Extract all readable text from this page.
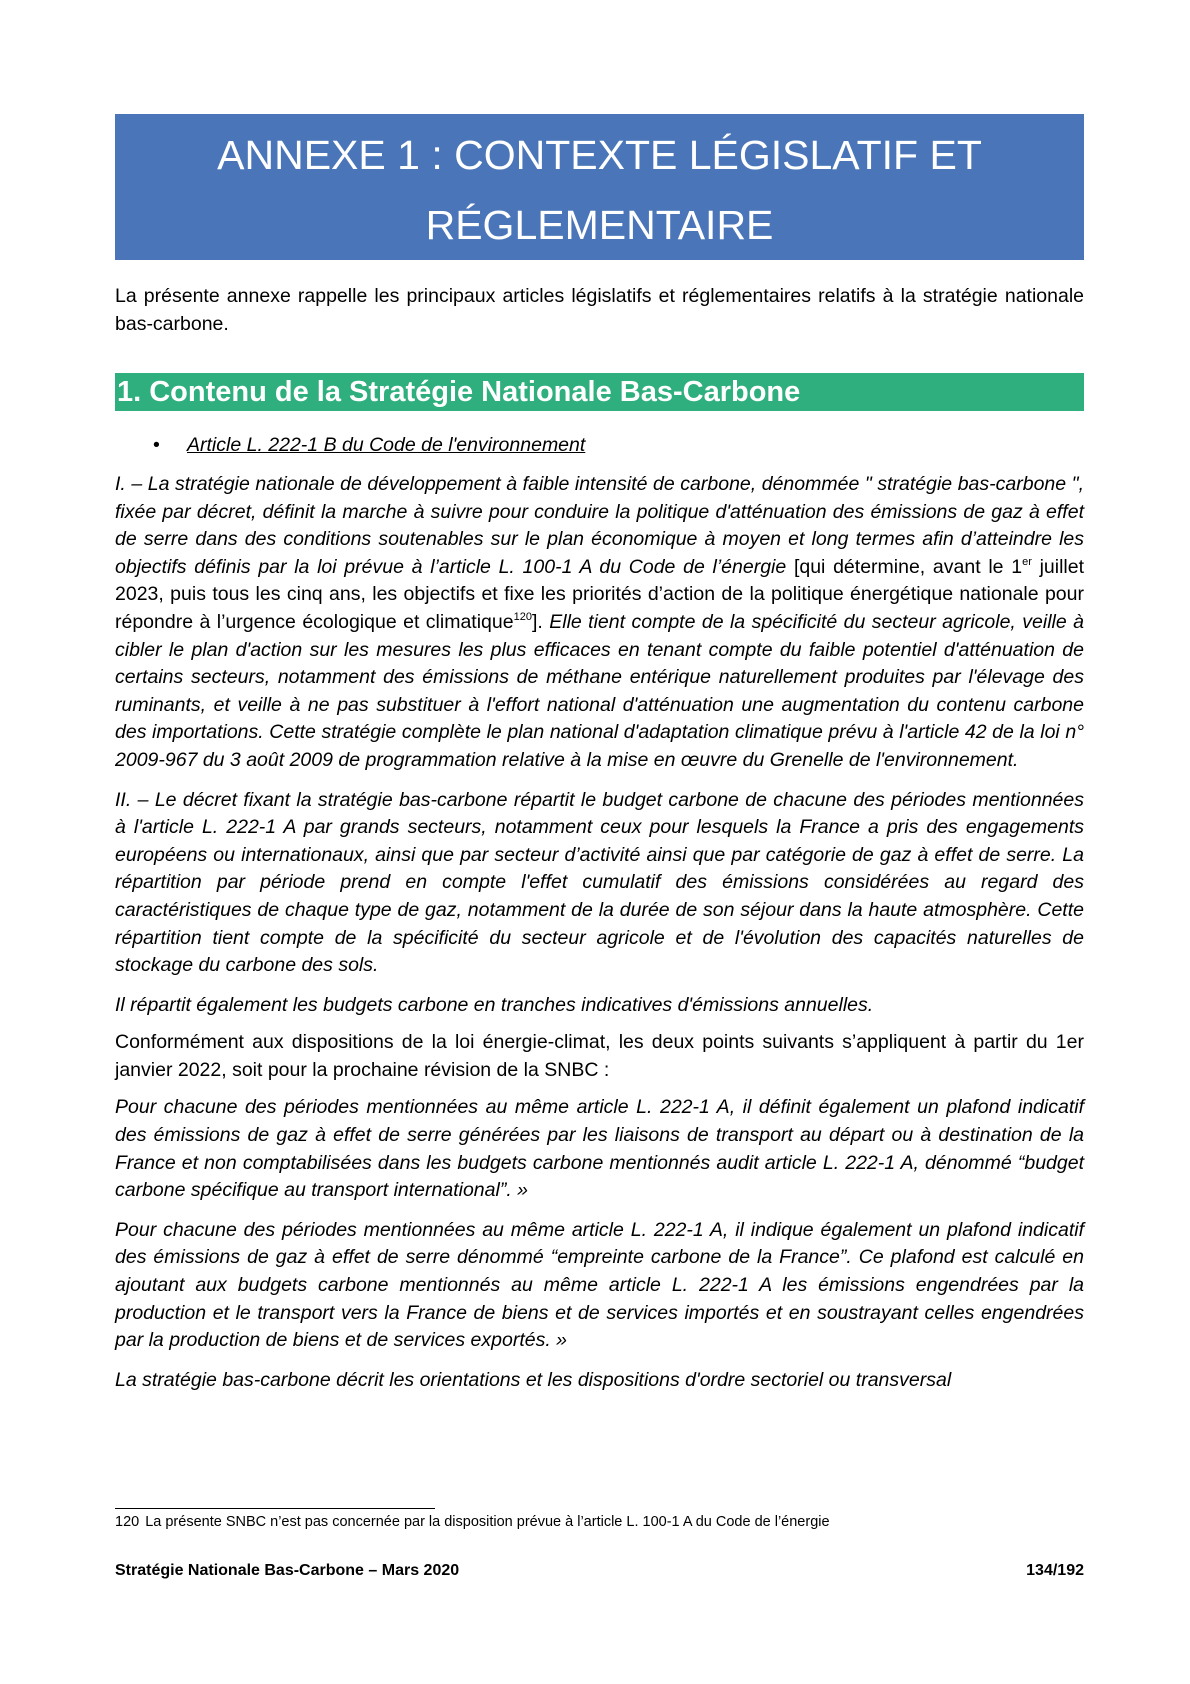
ANNEXE 1 : CONTEXTE LÉGISLATIF ET
RÉGLEMENTAIRE
La présente annexe rappelle les principaux articles législatifs et réglementaires relatifs à la stratégie nationale bas-carbone.
1. Contenu de la Stratégie Nationale Bas-Carbone
• Article L. 222-1 B du Code de l'environnement

I. – La stratégie nationale de développement à faible intensité de carbone, dénommée " stratégie bas-carbone ", fixée par décret, définit la marche à suivre pour conduire la politique d'atténuation des émissions de gaz à effet de serre dans des conditions soutenables sur le plan économique à moyen et long termes afin d’atteindre les objectifs définis par la loi prévue à l’article L. 100-1 A du Code de l’énergie [qui détermine, avant le 1er juillet 2023, puis tous les cinq ans, les objectifs et fixe les priorités d’action de la politique énergétique nationale pour répondre à l’urgence écologique et climatique$^{120}$]. Elle tient compte de la spécificité du secteur agricole, veille à cibler le plan d'action sur les mesures les plus efficaces en tenant compte du faible potentiel d'atténuation de certains secteurs, notamment des émissions de méthane entérique naturellement produites par l'élevage des ruminants, et veille à ne pas substituer à l'effort national d'atténuation une augmentation du contenu carbone des importations. Cette stratégie complète le plan national d'adaptation climatique prévu à l'article 42 de la loi n° 2009-967 du 3 août 2009 de programmation relative à la mise en œuvre du Grenelle de l'environnement.

II. – Le décret fixant la stratégie bas-carbone répartit le budget carbone de chacune des périodes mentionnées à l'article L. 222-1 A par grands secteurs, notamment ceux pour lesquels la France a pris des engagements européens ou internationaux, ainsi que par secteur d’activité ainsi que par catégorie de gaz à effet de serre. La répartition par période prend en compte l'effet cumulatif des émissions considérées au regard des caractéristiques de chaque type de gaz, notamment de la durée de son séjour dans la haute atmosphère. Cette répartition tient compte de la spécificité du secteur agricole et de l'évolution des capacités naturelles de stockage du carbone des sols.

Il répartit également les budgets carbone en tranches indicatives d'émissions annuelles.

Conformément aux dispositions de la loi énergie-climat, les deux points suivants s’appliquent à partir du 1er janvier 2022, soit pour la prochaine révision de la SNBC :

Pour chacune des périodes mentionnées au même article L. 222-1 A, il définit également un plafond indicatif des émissions de gaz à effet de serre générées par les liaisons de transport au départ ou à destination de la France et non comptabilisées dans les budgets carbone mentionnés audit article L. 222-1 A, dénommé “budget carbone spécifique au transport international”. »

Pour chacune des périodes mentionnées au même article L. 222-1 A, il indique également un plafond indicatif des émissions de gaz à effet de serre dénommé “empreinte carbone de la France”. Ce plafond est calculé en ajoutant aux budgets carbone mentionnés au même article L. 222-1 A les émissions engendrées par la production et le transport vers la France de biens et de services importés et en soustrayant celles engendrées par la production de biens et de services exportés. »

La stratégie bas-carbone décrit les orientations et les dispositions d'ordre sectoriel ou transversal

120 La présente SNBC n’est pas concernée par la disposition prévue à l’article L. 100-1 A du Code de l’énergie
Stratégie Nationale Bas-Carbone – Mars 2020	134/192
